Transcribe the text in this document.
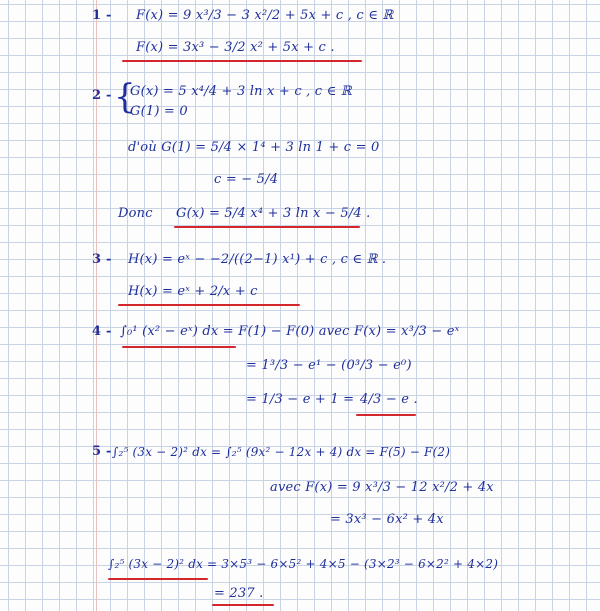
1 - F(x) = 9 x³/3 − 3 x²/2 + 5x + c , c ∈ ℝ
F(x) = 3x³ − 3/2 x² + 5x + c .
2 - {
G(x) = 5 x⁴/4 + 3 ln x + c , c ∈ ℝ
G(1) = 0
d'où G(1) = 5/4 × 1⁴ + 3 ln 1 + c = 0
c = − 5/4
Donc G(x) = 5/4 x⁴ + 3 ln x − 5/4 .
3 - H(x) = eˣ − −2/((2−1) x¹) + c , c ∈ ℝ .
H(x) = eˣ + 2/x + c
4 - ∫₀¹ (x² − eˣ) dx = F(1) − F(0) avec F(x) = x³/3 − eˣ
= 1³/3 − e¹ − (0³/3 − e⁰)
= 1/3 − e + 1 = 4/3 − e .
5 - ∫₂⁵ (3x − 2)² dx = ∫₂⁵ (9x² − 12x + 4) dx = F(5) − F(2)
avec F(x) = 9 x³/3 − 12 x²/2 + 4x
= 3x³ − 6x² + 4x
∫₂⁵ (3x − 2)² dx = 3×5³ − 6×5² + 4×5 − (3×2³ − 6×2² + 4×2)
= 237 .
